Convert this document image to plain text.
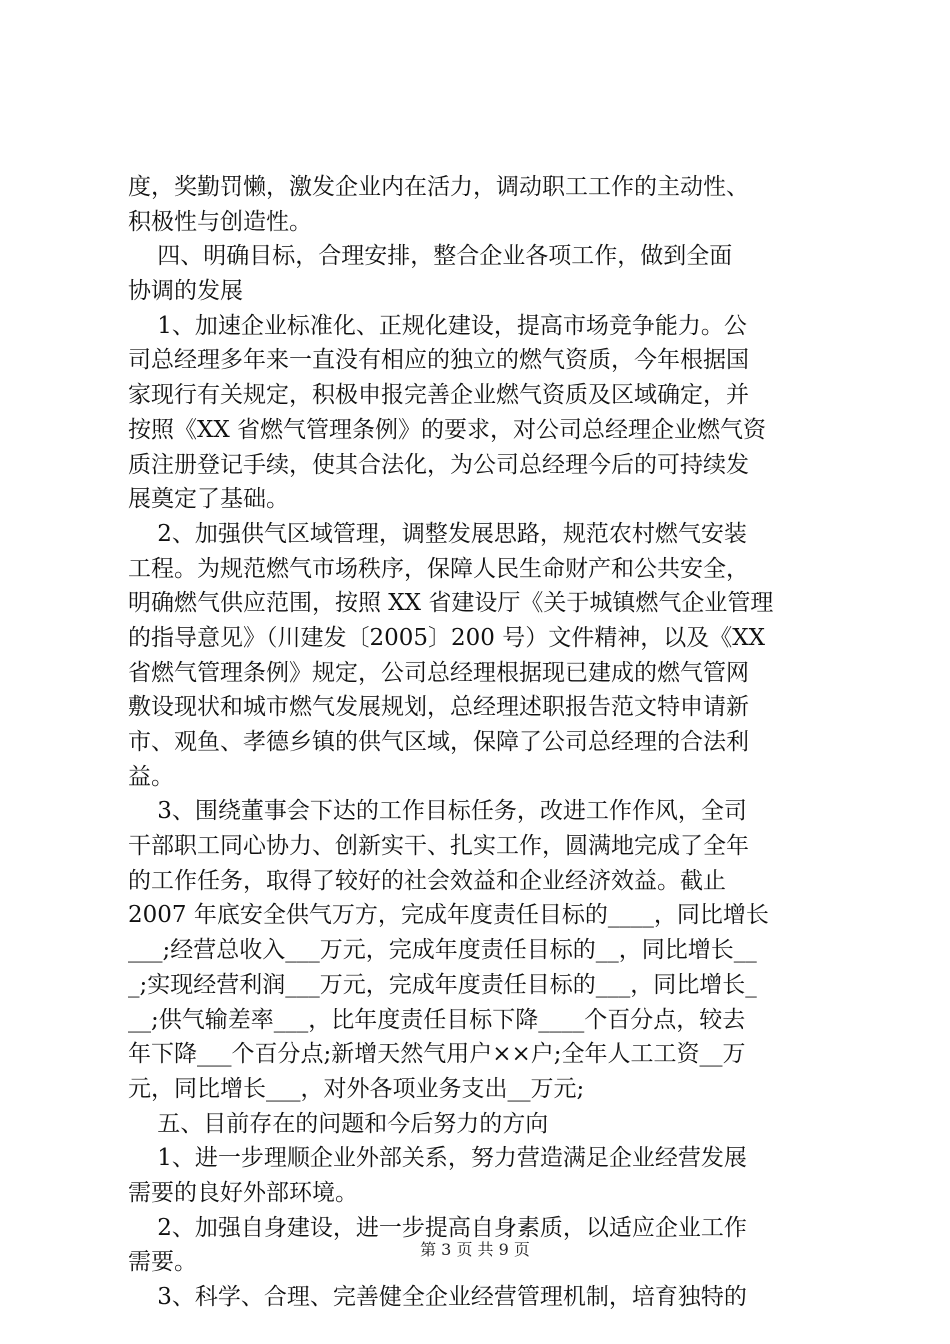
度，奖勤罚懒，激发企业内在活力，调动职工工作的主动性、
积极性与创造性。
四、明确目标，合理安排，整合企业各项工作，做到全面
协调的发展
1、加速企业标准化、正规化建设，提高市场竞争能力。公
司总经理多年来一直没有相应的独立的燃气资质，今年根据国
家现行有关规定，积极申报完善企业燃气资质及区域确定，并
按照《XX 省燃气管理条例》的要求，对公司总经理企业燃气资
质注册登记手续，使其合法化，为公司总经理今后的可持续发
展奠定了基础。
2、加强供气区域管理，调整发展思路，规范农村燃气安装
工程。为规范燃气市场秩序，保障人民生命财产和公共安全，
明确燃气供应范围，按照 XX 省建设厅《关于城镇燃气企业管理
的指导意见》（川建发〔2005〕200 号）文件精神，以及《XX
省燃气管理条例》规定，公司总经理根据现已建成的燃气管网
敷设现状和城市燃气发展规划，总经理述职报告范文特申请新
市、观鱼、孝德乡镇的供气区域，保障了公司总经理的合法利
益。
3、围绕董事会下达的工作目标任务，改进工作作风，全司
干部职工同心协力、创新实干、扎实工作，圆满地完成了全年
的工作任务，取得了较好的社会效益和企业经济效益。截止
2007 年底安全供气万方，完成年度责任目标的____，同比增长
___;经营总收入___万元，完成年度责任目标的__，同比增长__
_;实现经营利润___万元，完成年度责任目标的___，同比增长_
__;供气输差率___，比年度责任目标下降____个百分点，较去
年下降___个百分点;新增天然气用户××户;全年人工工资__万
元，同比增长___，对外各项业务支出__万元;
五、目前存在的问题和今后努力的方向
1、进一步理顺企业外部关系，努力营造满足企业经营发展
需要的良好外部环境。
2、加强自身建设，进一步提高自身素质，以适应企业工作
需要。
3、科学、合理、完善健全企业经营管理机制，培育独特的
第 3 页 共 9 页
